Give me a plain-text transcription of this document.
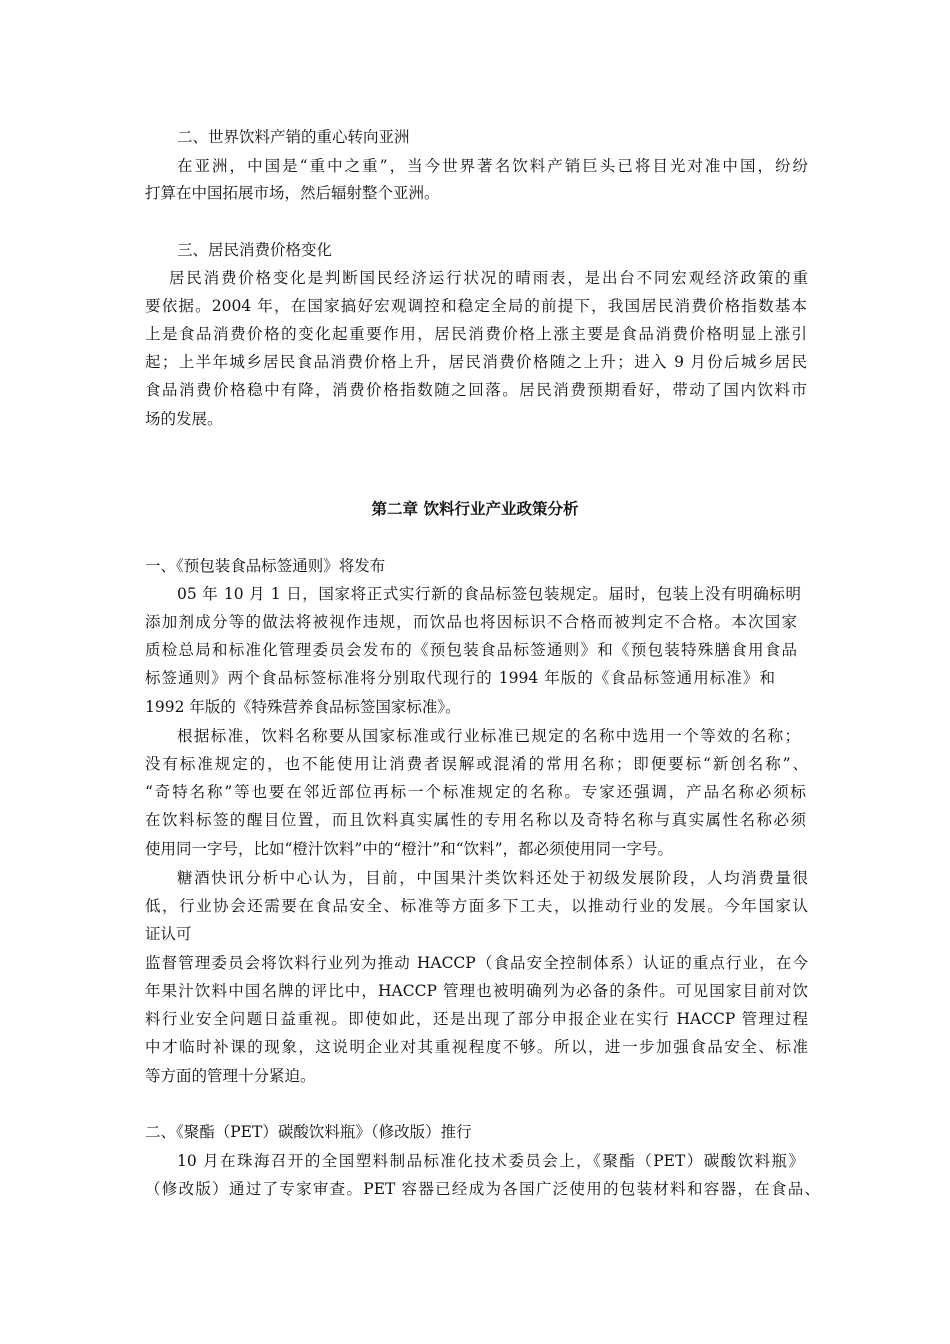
二、世界饮料产销的重心转向亚洲

在亚洲，中国是“重中之重”，当今世界著名饮料产销巨头已将目光对准中国，纷纷

打算在中国拓展市场，然后辐射整个亚洲。

三、居民消费价格变化

居民消费价格变化是判断国民经济运行状况的晴雨表，是出台不同宏观经济政策的重

要依据。2004 年，在国家搞好宏观调控和稳定全局的前提下，我国居民消费价格指数基本

上是食品消费价格的变化起重要作用，居民消费价格上涨主要是食品消费价格明显上涨引

起；上半年城乡居民食品消费价格上升，居民消费价格随之上升；进入 9 月份后城乡居民

食品消费价格稳中有降，消费价格指数随之回落。居民消费预期看好，带动了国内饮料市

场的发展。

第二章 饮料行业产业政策分析

一、《预包装食品标签通则》将发布

05 年 10 月 1 日，国家将正式实行新的食品标签包装规定。届时，包装上没有明确标明

添加剂成分等的做法将被视作违规，而饮品也将因标识不合格而被判定不合格。本次国家

质检总局和标准化管理委员会发布的《预包装食品标签通则》和《预包装特殊膳食用食品

标签通则》两个食品标签标准将分别取代现行的 1994 年版的《食品标签通用标准》和

1992 年版的《特殊营养食品标签国家标准》。

根据标准，饮料名称要从国家标准或行业标准已规定的名称中选用一个等效的名称；

没有标准规定的，也不能使用让消费者误解或混淆的常用名称；即便要标“新创名称”、

“奇特名称”等也要在邻近部位再标一个标准规定的名称。专家还强调，产品名称必须标

在饮料标签的醒目位置，而且饮料真实属性的专用名称以及奇特名称与真实属性名称必须

使用同一字号，比如“橙汁饮料”中的“橙汁”和“饮料”，都必须使用同一字号。

糖酒快讯分析中心认为，目前，中国果汁类饮料还处于初级发展阶段，人均消费量很

低，行业协会还需要在食品安全、标准等方面多下工夫，以推动行业的发展。今年国家认

证认可

监督管理委员会将饮料行业列为推动 HACCP（食品安全控制体系）认证的重点行业，在今

年果汁饮料中国名牌的评比中，HACCP 管理也被明确列为必备的条件。可见国家目前对饮

料行业安全问题日益重视。即使如此，还是出现了部分申报企业在实行 HACCP 管理过程

中才临时补课的现象，这说明企业对其重视程度不够。所以，进一步加强食品安全、标准

等方面的管理十分紧迫。

二、《聚酯（PET）碳酸饮料瓶》（修改版）推行

10 月在珠海召开的全国塑料制品标准化技术委员会上，《聚酯（PET）碳酸饮料瓶》

（修改版）通过了专家审查。PET 容器已经成为各国广泛使用的包装材料和容器，在食品、
